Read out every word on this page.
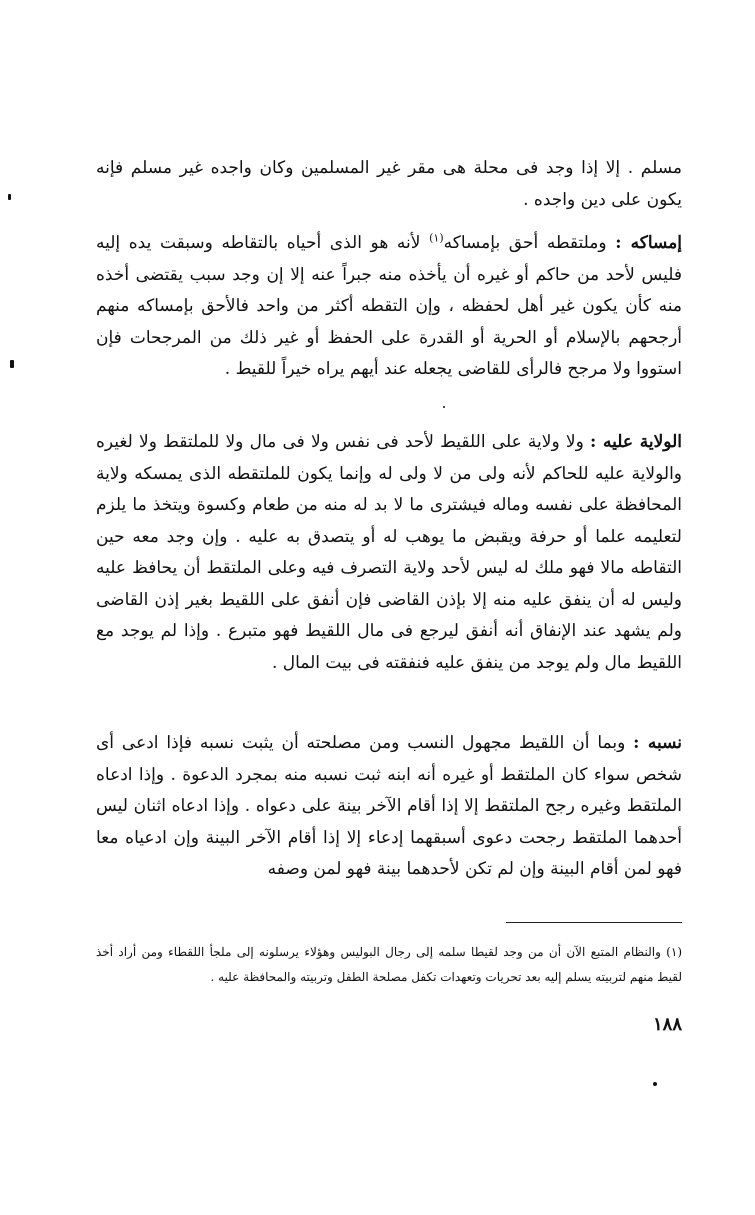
مسلم . إلا إذا وجد فى محلة هى مقر غير المسلمين وكان واجده غير مسلم فإنه يكون على دين واجده .

إمساكه : وملتقطه أحق بإمساكه$^{(١)}$ لأنه هو الذى أحياه بالتقاطه وسبقت يده إليه فليس لأحد من حاكم أو غيره أن يأخذه منه جبراً عنه إلا إن وجد سبب يقتضى أخذه منه كأن يكون غير أهل لحفظه ، وإن التقطه أكثر من واحد فالأحق بإمساكه منهم أرجحهم بالإسلام أو الحرية أو القدرة على الحفظ أو غير ذلك من المرجحات فإن استووا ولا مرجح فالرأى للقاضى يجعله عند أيهم يراه خيراً للقيط .

الولاية عليه : ولا ولاية على اللقيط لأحد فى نفس ولا فى مال ولا للملتقط ولا لغيره والولاية عليه للحاكم لأنه ولى من لا ولى له وإنما يكون للملتقطه الذى يمسكه ولاية المحافظة على نفسه وماله فيشترى ما لا بد له منه من طعام وكسوة ويتخذ ما يلزم لتعليمه علما أو حرفة ويقبض ما يوهب له أو يتصدق به عليه . وإن وجد معه حين التقاطه مالا فهو ملك له ليس لأحد ولاية التصرف فيه وعلى الملتقط أن يحافظ عليه وليس له أن ينفق عليه منه إلا بإذن القاضى فإن أنفق على اللقيط بغير إذن القاضى ولم يشهد عند الإنفاق أنه أنفق ليرجع فى مال اللقيط فهو متبرع . وإذا لم يوجد مع اللقيط مال ولم يوجد من ينفق عليه فنفقته فى بيت المال .

نسبه : وبما أن اللقيط مجهول النسب ومن مصلحته أن يثبت نسبه فإذا ادعى أى شخص سواء كان الملتقط أو غيره أنه ابنه ثبت نسبه منه بمجرد الدعوة . وإذا ادعاه الملتقط وغيره رجح الملتقط إلا إذا أقام الآخر بينة على دعواه . وإذا ادعاه اثنان ليس أحدهما الملتقط رجحت دعوى أسبقهما إدعاء إلا إذا أقام الآخر البينة وإن ادعياه معا فهو لمن أقام البينة وإن لم تكن لأحدهما بينة فهو لمن وصفه

(١) والنظام المتبع الآن أن من وجد لقيطا سلمه إلى رجال البوليس وهؤلاء يرسلونه إلى ملجأ اللقطاء ومن أراد أخذ لقيط منهم لتربيته يسلم إليه بعد تحريات وتعهدات تكفل مصلحة الطفل وتربيته والمحافظة عليه .
١٨٨
